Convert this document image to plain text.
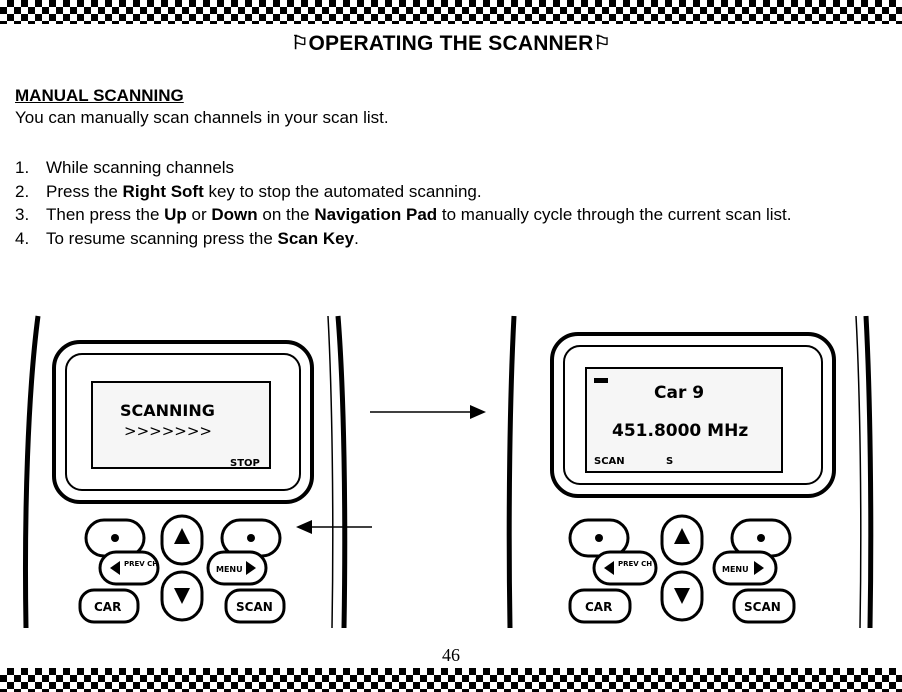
⚐OPERATING THE SCANNER⚐
MANUAL SCANNING
You can manually scan channels in your scan list.
1. While scanning channels
2. Press the Right Soft key to stop the automated scanning.
3. Then press the Up or Down on the Navigation Pad to manually cycle through the current scan list.
4. To resume scanning press the Scan Key.
SCANNING
>>>>>>>
STOP
PREV CH
MENU
CAR	SCAN
Car 9
451.8000 MHz
SCAN	S
PREV CH
MENU
CAR	SCAN
46
